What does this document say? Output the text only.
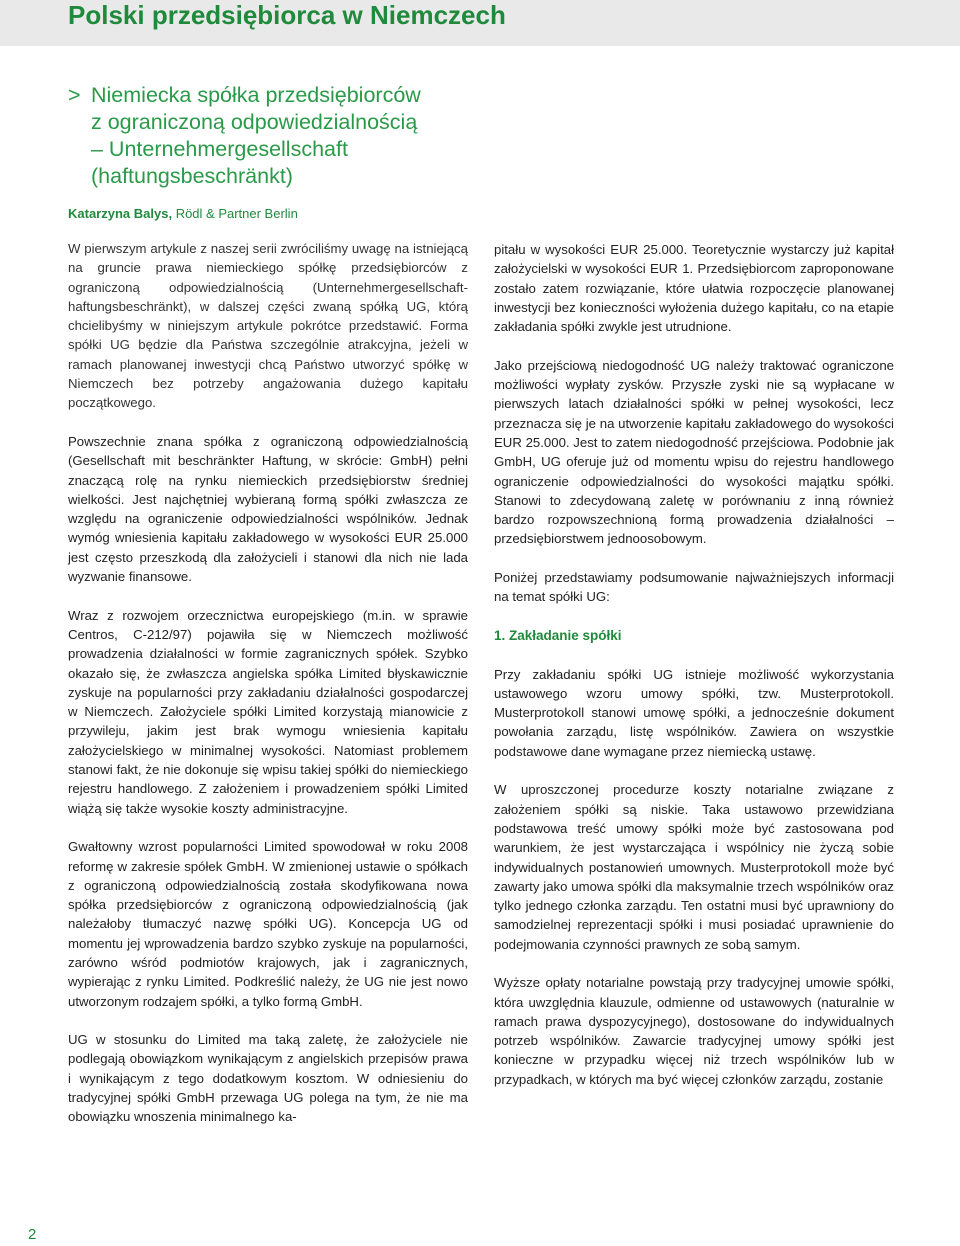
Polski przedsiębiorca w Niemczech
> Niemiecka spółka przedsiębiorców
z ograniczoną odpowiedzialnością
– Unternehmergesellschaft
(haftungsbeschränkt)
Katarzyna Balys, Rödl & Partner Berlin

W pierwszym artykule z naszej serii zwróciliśmy uwagę na istniejącą na gruncie prawa niemieckiego spółkę przedsiębiorców z ograniczoną odpowiedzialnością (Unternehmergesellschaft-haftungsbeschränkt), w dalszej części zwaną spółką UG, którą chcielibyśmy w niniejszym artykule pokrótce przedstawić. Forma spółki UG będzie dla Państwa szczególnie atrakcyjna, jeżeli w ramach planowanej inwestycji chcą Państwo utworzyć spółkę w Niemczech bez potrzeby angażowania dużego kapitału początkowego.

Powszechnie znana spółka z ograniczoną odpowiedzialnością (Gesellschaft mit beschränkter Haftung, w skrócie: GmbH) pełni znaczącą rolę na rynku niemieckich przedsiębiorstw średniej wielkości. Jest najchętniej wybieraną formą spółki zwłaszcza ze względu na ograniczenie odpowiedzialności wspólników. Jednak wymóg wniesienia kapitału zakładowego w wysokości EUR 25.000 jest często przeszkodą dla założycieli i stanowi dla nich nie lada wyzwanie finansowe.

Wraz z rozwojem orzecznictwa europejskiego (m.in. w sprawie Centros, C-212/97) pojawiła się w Niemczech możliwość prowadzenia działalności w formie zagranicznych spółek. Szybko okazało się, że zwłaszcza angielska spółka Limited błyskawicznie zyskuje na popularności przy zakładaniu działalności gospodarczej w Niemczech. Założyciele spółki Limited korzystają mianowicie z przywileju, jakim jest brak wymogu wniesienia kapitału założycielskiego w minimalnej wysokości. Natomiast problemem stanowi fakt, że nie dokonuje się wpisu takiej spółki do niemieckiego rejestru handlowego. Z założeniem i prowadzeniem spółki Limited wiążą się także wysokie koszty administracyjne.

Gwałtowny wzrost popularności Limited spowodował w roku 2008 reformę w zakresie spółek GmbH. W zmienionej ustawie o spółkach z ograniczoną odpowiedzialnością została skodyfikowana nowa spółka przedsiębiorców z ograniczoną odpowiedzialnością (jak należałoby tłumaczyć nazwę spółki UG). Koncepcja UG od momentu jej wprowadzenia bardzo szybko zyskuje na popularności, zarówno wśród podmiotów krajowych, jak i zagranicznych, wypierając z rynku Limited. Podkreślić należy, że UG nie jest nowo utworzonym rodzajem spółki, a tylko formą GmbH.

UG w stosunku do Limited ma taką zaletę, że założyciele nie podlegają obowiązkom wynikającym z angielskich przepisów prawa i wynikającym z tego dodatkowym kosztom. W odniesieniu do tradycyjnej spółki GmbH przewaga UG polega na tym, że nie ma obowiązku wnoszenia minimalnego ka-

pitału w wysokości EUR 25.000. Teoretycznie wystarczy już kapitał założycielski w wysokości EUR 1. Przedsiębiorcom zaproponowane zostało zatem rozwiązanie, które ułatwia rozpoczęcie planowanej inwestycji bez konieczności wyłożenia dużego kapitału, co na etapie zakładania spółki zwykle jest utrudnione.

Jako przejściową niedogodność UG należy traktować ograniczone możliwości wypłaty zysków. Przyszłe zyski nie są wypłacane w pierwszych latach działalności spółki w pełnej wysokości, lecz przeznacza się je na utworzenie kapitału zakładowego do wysokości EUR 25.000. Jest to zatem niedogodność przejściowa. Podobnie jak GmbH, UG oferuje już od momentu wpisu do rejestru handlowego ograniczenie odpowiedzialności do wysokości majątku spółki. Stanowi to zdecydowaną zaletę w porównaniu z inną również bardzo rozpowszechnioną formą prowadzenia działalności – przedsiębiorstwem jednoosobowym.

Poniżej przedstawiamy podsumowanie najważniejszych informacji na temat spółki UG:

1. Zakładanie spółki

Przy zakładaniu spółki UG istnieje możliwość wykorzystania ustawowego wzoru umowy spółki, tzw. Musterprotokoll. Musterprotokoll stanowi umowę spółki, a jednocześnie dokument powołania zarządu, listę wspólników. Zawiera on wszystkie podstawowe dane wymagane przez niemiecką ustawę.

W uproszczonej procedurze koszty notarialne związane z założeniem spółki są niskie. Taka ustawowo przewidziana podstawowa treść umowy spółki może być zastosowana pod warunkiem, że jest wystarczająca i wspólnicy nie życzą sobie indywidualnych postanowień umownych. Musterprotokoll może być zawarty jako umowa spółki dla maksymalnie trzech wspólników oraz tylko jednego członka zarządu. Ten ostatni musi być uprawniony do samodzielnej reprezentacji spółki i musi posiadać uprawnienie do podejmowania czynności prawnych ze sobą samym.

Wyższe opłaty notarialne powstają przy tradycyjnej umowie spółki, która uwzględnia klauzule, odmienne od ustawowych (naturalnie w ramach prawa dyspozycyjnego), dostosowane do indywidualnych potrzeb wspólników. Zawarcie tradycyjnej umowy spółki jest konieczne w przypadku więcej niż trzech wspólników lub w przypadkach, w których ma być więcej członków zarządu, zostanie

2
